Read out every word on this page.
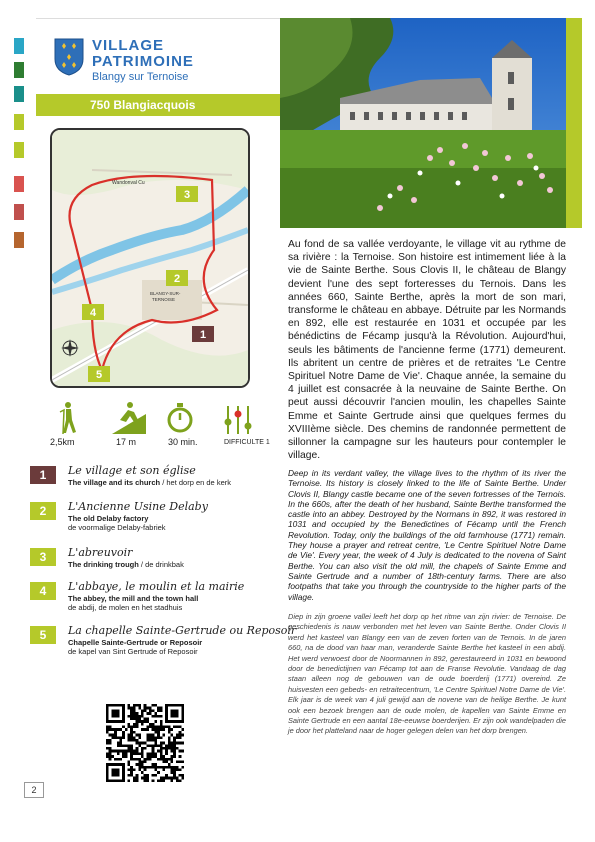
VILLAGE
PATRIMOINE
Blangy sur Ternoise
750 Blangiacquois
3
2
4
1
5
Wandonval Cu
BLANGY-SUR-
TERNOISE
2,5km	17 m	30 min.	DIFFICULTE 1
1	Le village et son église
The village and its church / het dorp en de kerk
2	L'Ancienne Usine Delaby
The old Delaby factory
de voormalige Delaby-fabriek
3	L'abreuvoir
The drinking trough / de drinkbak
4	L'abbaye, le moulin et la mairie
The abbey, the mill and the town hall
de abdij, de molen en het stadhuis
5	La chapelle Sainte-Gertrude ou Reposoir
Chapelle Sainte-Gertrude or Reposoir
de kapel van Sint Gertrude of Reposoir
2
Au fond de sa vallée verdoyante, le village vit au rythme de sa rivière : la Ternoise. Son histoire est intimement liée à la vie de Sainte Berthe. Sous Clovis II, le château de Blangy devient l'une des sept forteresses du Ternois. Dans les années 660, Sainte Berthe, après la mort de son mari, transforme le château en abbaye. Détruite par les Normands en 892, elle est restaurée en 1031 et occupée par les bénédictins de Fécamp jusqu'à la Révolution. Aujourd'hui, seuls les bâtiments de l'ancienne ferme (1771) demeurent. Ils abritent un centre de prières et de retraites 'Le Centre Spirituel Notre Dame de Vie'. Chaque année, la semaine du 4 juillet est consacrée à la neuvaine de Sainte Berthe. On peut aussi découvrir l'ancien moulin, les chapelles Sainte Emme et Sainte Gertrude ainsi que quelques fermes du XVIIIème siècle. Des chemins de randonnée permettent de sillonner la campagne sur les hauteurs pour contempler le village.
Deep in its verdant valley, the village lives to the rhythm of its river the Ternoise. Its history is closely linked to the life of Sainte Berthe. Under Clovis II, Blangy castle became one of the seven fortresses of the Ternois. In the 660s, after the death of her husband, Sainte Berthe transformed the castle into an abbey. Destroyed by the Normans in 892, it was restored in 1031 and occupied by the Benedictines of Fécamp until the French Revolution. Today, only the buildings of the old farmhouse (1771) remain. They house a prayer and retreat centre, 'Le Centre Spirituel Notre Dame de Vie'. Every year, the week of 4 July is dedicated to the novena of Saint Berthe. You can also visit the old mill, the chapels of Sainte Emme and Sainte Gertrude and a number of 18th-century farms. There are also footpaths that take you through the countryside to the higher parts of the village.
Diep in zijn groene vallei leeft het dorp op het ritme van zijn rivier: de Ternoise. De geschiedenis is nauw verbonden met het leven van Sainte Berthe. Onder Clovis II werd het kasteel van Blangy een van de zeven forten van de Ternois. In de jaren 660, na de dood van haar man, veranderde Sainte Berthe het kasteel in een abdij. Het werd verwoest door de Noormannen in 892, gerestaureerd in 1031 en bewoond door de benedictijnen van Fécamp tot aan de Franse Revolutie. Vandaag de dag staan alleen nog de gebouwen van de oude boerderij (1771) overeind. Ze huisvesten een gebeds- en retraitecentrum, 'Le Centre Spirituel Notre Dame de Vie'. Elk jaar is de week van 4 juli gewijd aan de novene van de heilige Berthe. Je kunt ook een bezoek brengen aan de oude molen, de kapellen van Sainte Emme en Sainte Gertrude en een aantal 18e-eeuwse boerderijen. Er zijn ook wandelpaden die je door het platteland naar de hoger gelegen delen van het dorp brengen.
